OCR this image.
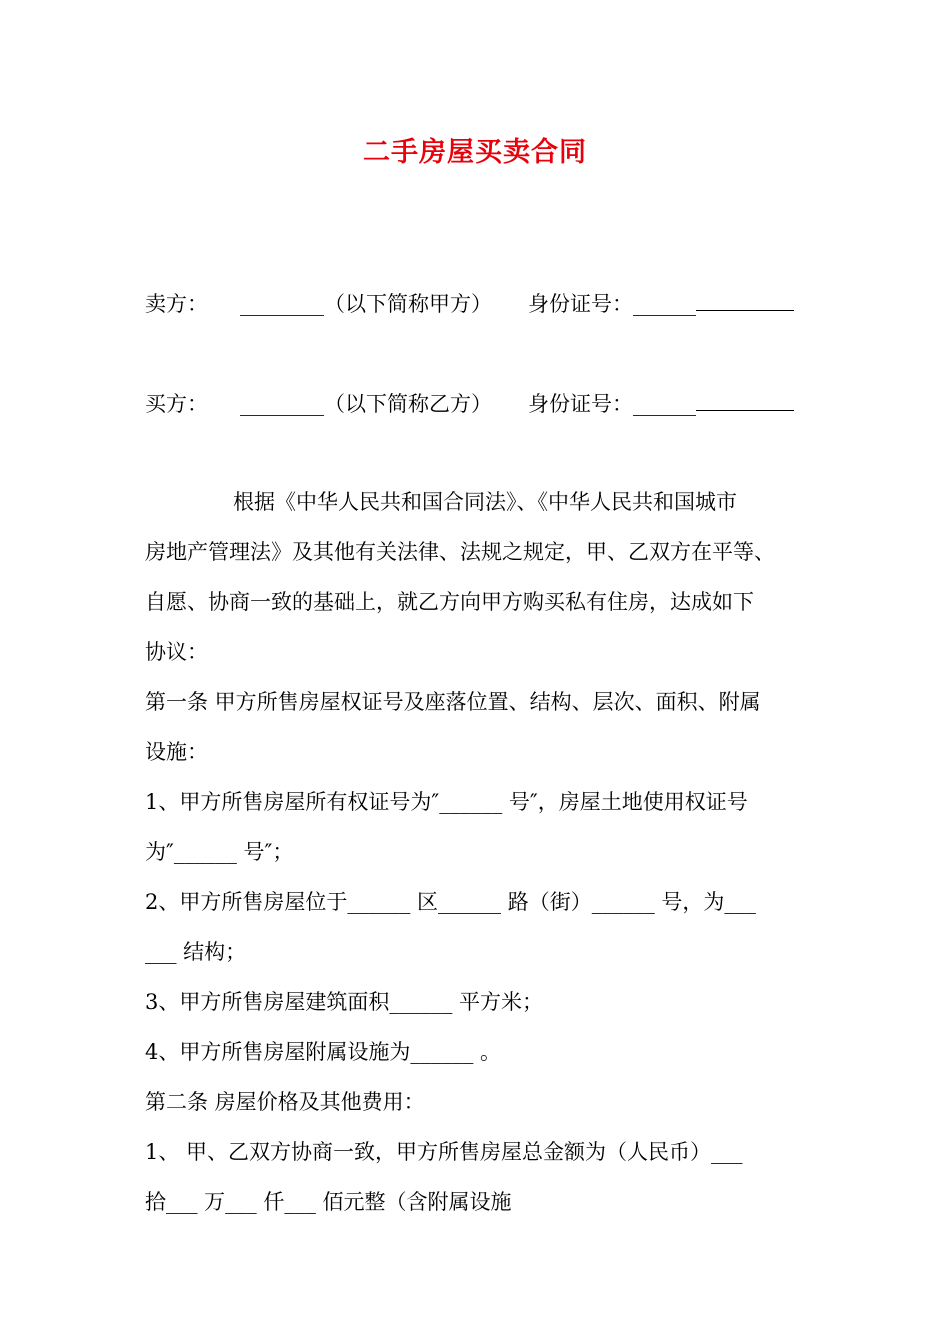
二手房屋买卖合同
卖方： ________（以下简称甲方） 身份证号：______
买方： ________（以下简称乙方） 身份证号：______
根据《中华人民共和国合同法》、《中华人民共和国城市
房地产管理法》及其他有关法律、法规之规定，甲、乙双方在平等、
自愿、协商一致的基础上，就乙方向甲方购买私有住房，达成如下
协议：
第一条 甲方所售房屋权证号及座落位置、结构、层次、面积、附属
设施：
1、甲方所售房屋所有权证号为″______ 号″，房屋土地使用权证号
为″______ 号″；
2、甲方所售房屋位于______ 区______ 路（街）______ 号，为___
___ 结构；
3、甲方所售房屋建筑面积______ 平方米；
4、甲方所售房屋附属设施为______ 。
第二条 房屋价格及其他费用：
1、 甲、乙双方协商一致，甲方所售房屋总金额为（人民币）___
拾___ 万___ 仟___ 佰元整（含附属设施
